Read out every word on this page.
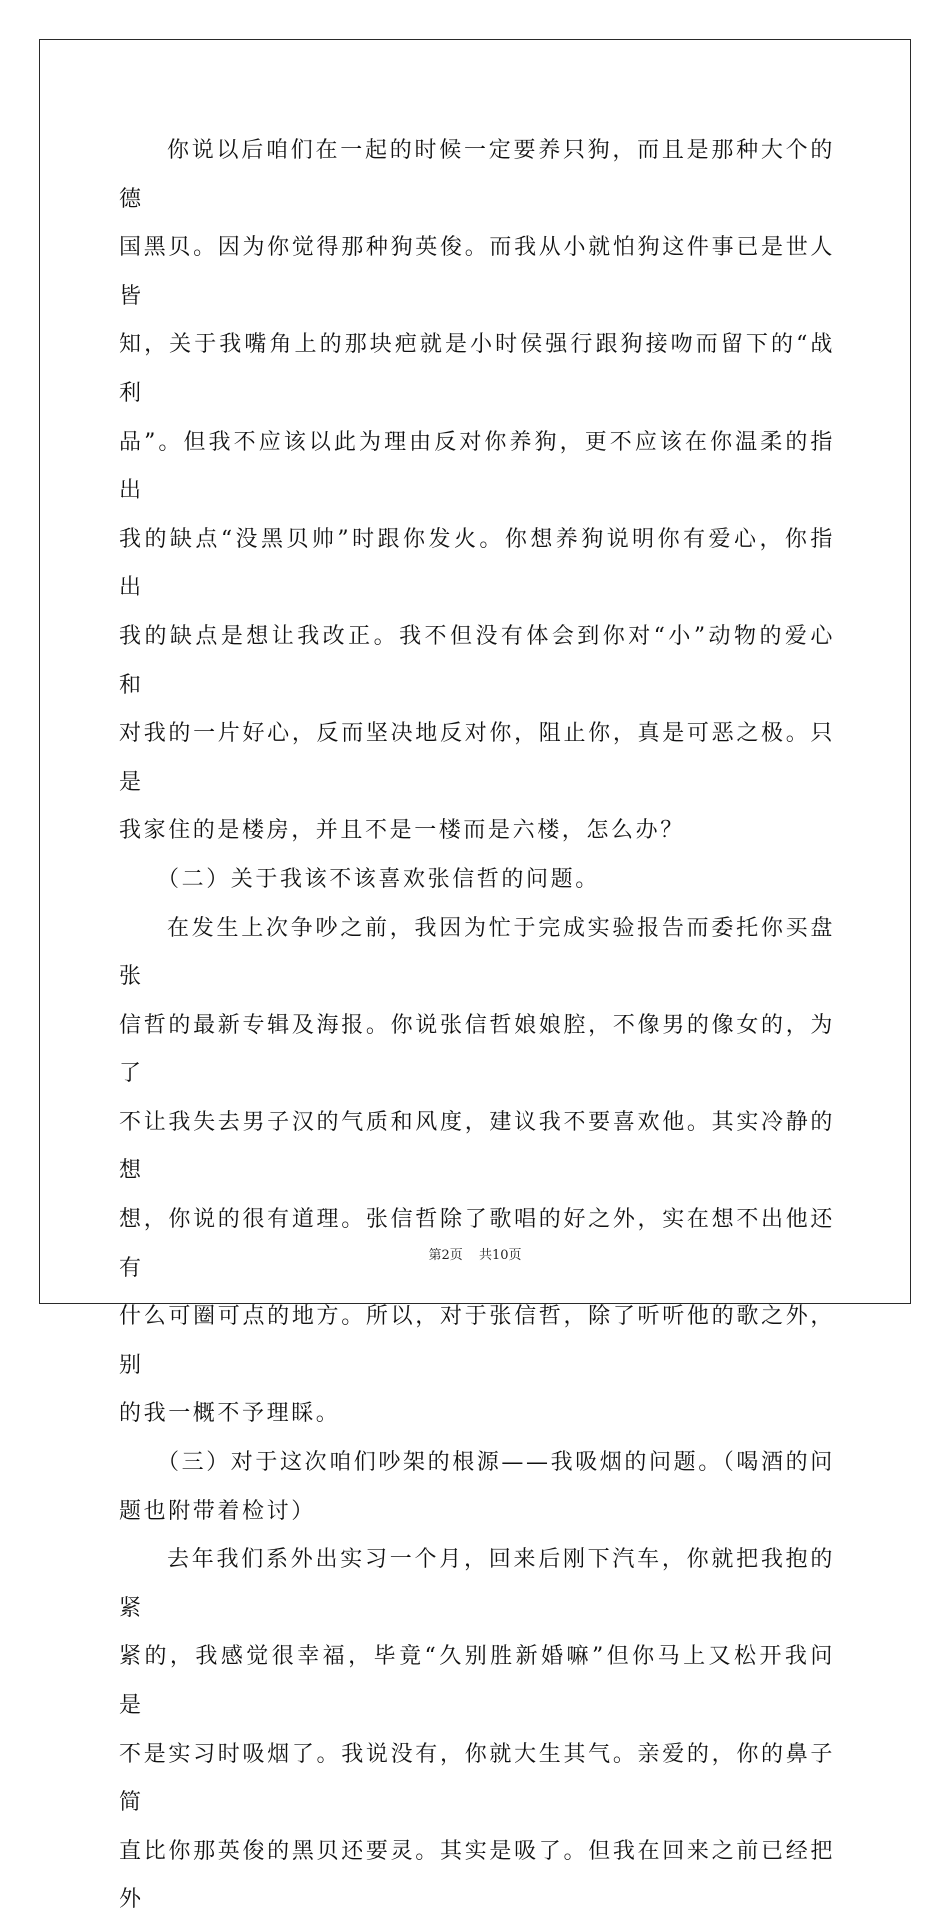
你说以后咱们在一起的时候一定要养只狗，而且是那种大个的德
国黑贝。因为你觉得那种狗英俊。而我从小就怕狗这件事已是世人皆
知，关于我嘴角上的那块疤就是小时侯强行跟狗接吻而留下的“战利
品”。但我不应该以此为理由反对你养狗，更不应该在你温柔的指出
我的缺点“没黑贝帅”时跟你发火。你想养狗说明你有爱心，你指出
我的缺点是想让我改正。我不但没有体会到你对“小”动物的爱心和
对我的一片好心，反而坚决地反对你，阻止你，真是可恶之极。只是
我家住的是楼房，并且不是一楼而是六楼，怎么办？

（二）关于我该不该喜欢张信哲的问题。

在发生上次争吵之前，我因为忙于完成实验报告而委托你买盘张
信哲的最新专辑及海报。你说张信哲娘娘腔，不像男的像女的，为了
不让我失去男子汉的气质和风度，建议我不要喜欢他。其实冷静的想
想，你说的很有道理。张信哲除了歌唱的好之外，实在想不出他还有
什么可圈可点的地方。所以，对于张信哲，除了听听他的歌之外，别
的我一概不予理睬。

（三）对于这次咱们吵架的根源——我吸烟的问题。（喝酒的问
题也附带着检讨）

去年我们系外出实习一个月，回来后刚下汽车，你就把我抱的紧
紧的，我感觉很幸福，毕竟“久别胜新婚嘛”但你马上又松开我问是
不是实习时吸烟了。我说没有，你就大生其气。亲爱的，你的鼻子简
直比你那英俊的黑贝还要灵。其实是吸了。但我在回来之前已经把外

第2页 共10页
